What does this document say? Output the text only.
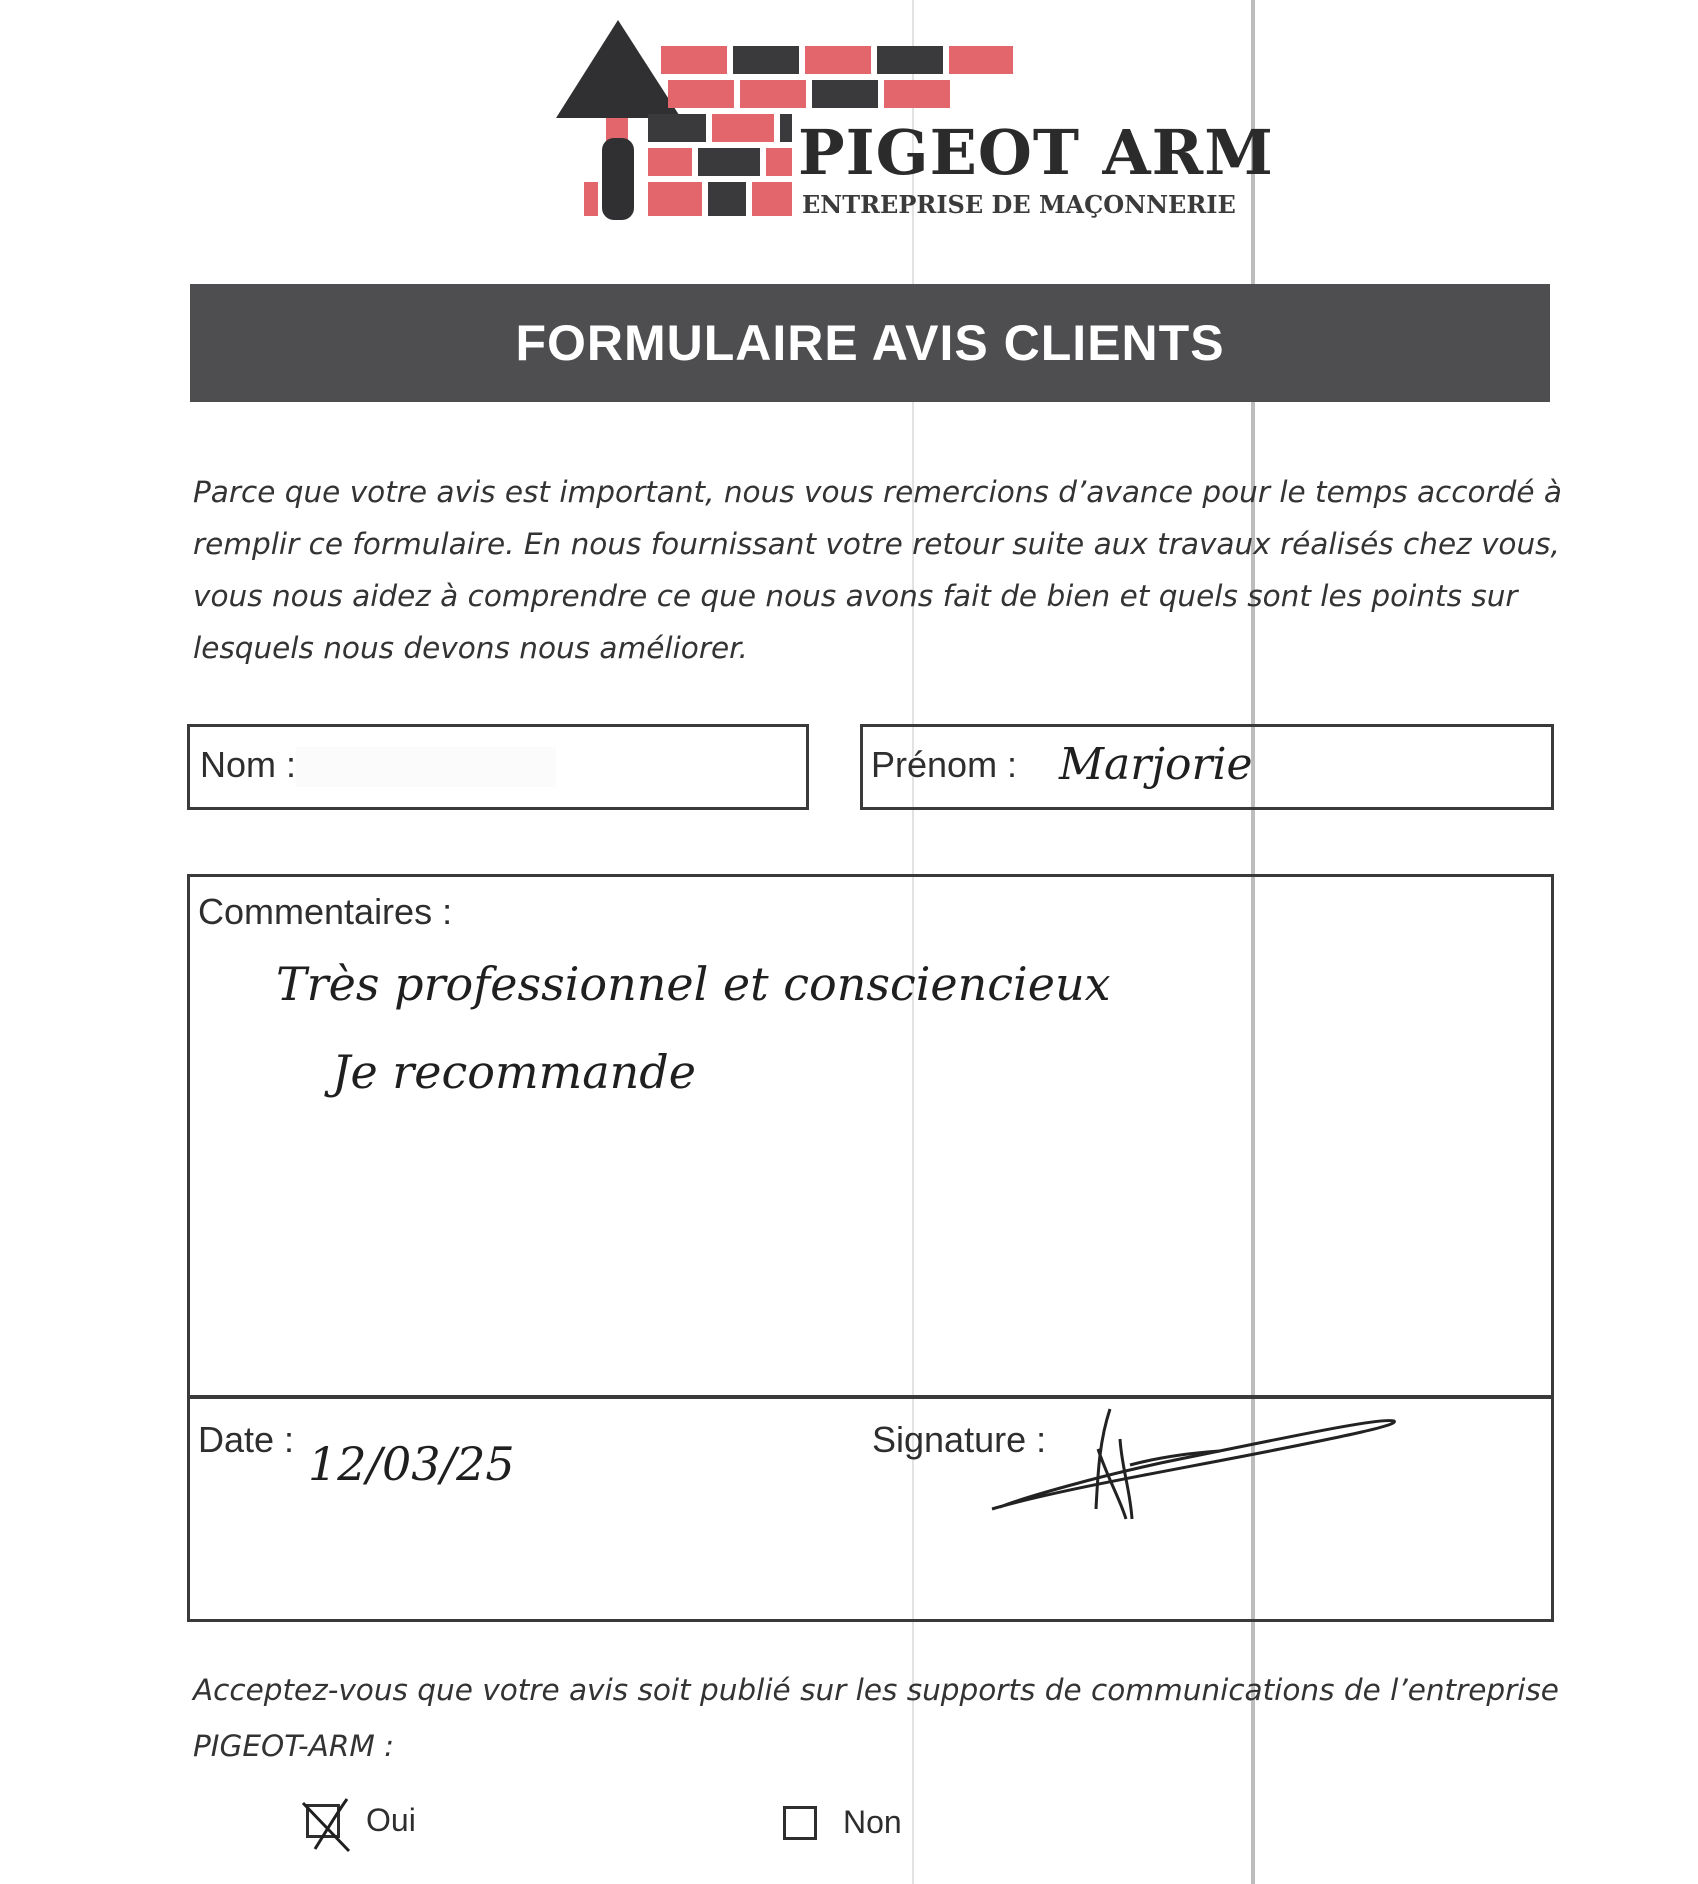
PIGEOT ARM
ENTREPRISE DE MAÇONNERIE
FORMULAIRE AVIS CLIENTS
Parce que votre avis est important, nous vous remercions d’avance pour le temps accordé à remplir ce formulaire. En nous fournissant votre retour suite aux travaux réalisés chez vous, vous nous aidez à comprendre ce que nous avons fait de bien et quels sont les points sur lesquels nous devons nous améliorer.
Nom :	Prénom : Marjorie
Commentaires :
Très professionnel et consciencieux
Je recommande
Date : 12/03/25	Signature :
Acceptez-vous que votre avis soit publié sur les supports de communications de l’entreprise PIGEOT-ARM :
Oui	Non
